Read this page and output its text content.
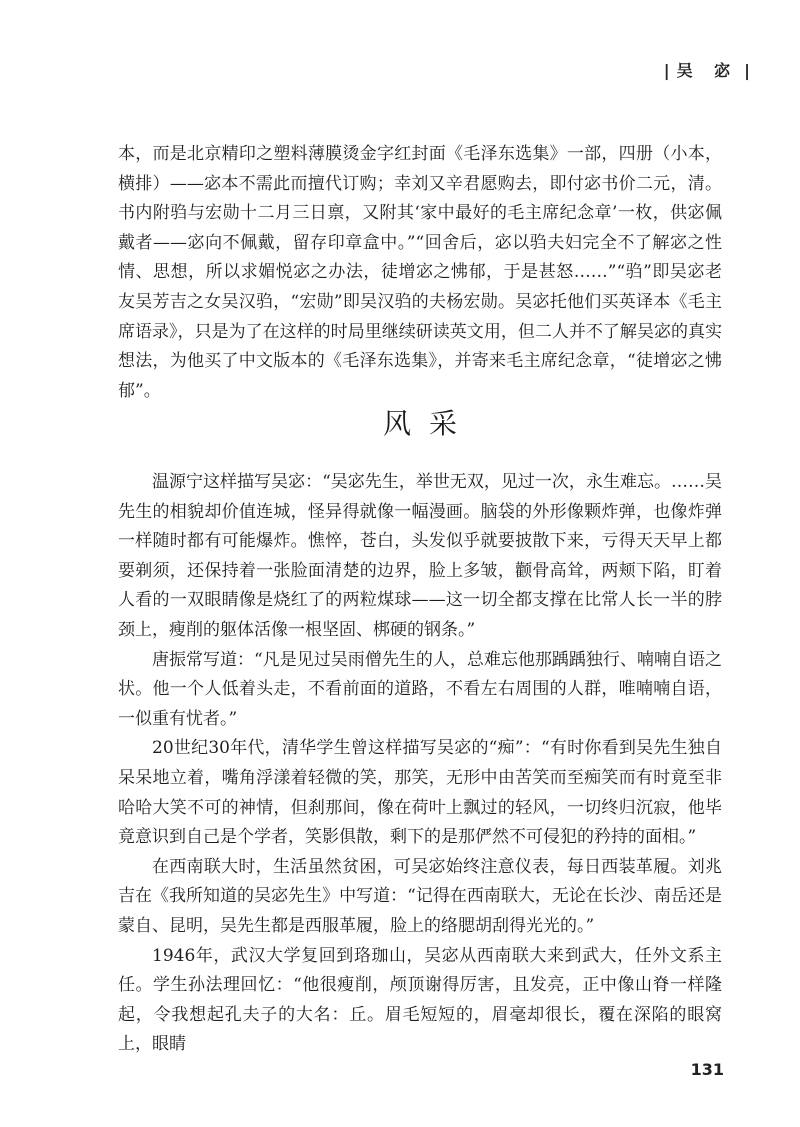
| 吴 宓 |

本，而是北京精印之塑料薄膜烫金字红封面《毛泽东选集》一部，四册（小本，横排）——宓本不需此而擅代订购；幸刘又辛君愿购去，即付宓书价二元，清。书内附驺与宏勋十二月三日禀，又附其‘家中最好的毛主席纪念章’一枚，供宓佩戴者——宓向不佩戴，留存印章盒中。”“回舍后，宓以驺夫妇完全不了解宓之性情、思想，所以求媚悦宓之办法，徒增宓之怫郁，于是甚怒……”“驺”即吴宓老友吴芳吉之女吴汉驺，“宏勋”即吴汉驺的夫杨宏勋。吴宓托他们买英译本《毛主席语录》，只是为了在这样的时局里继续研读英文用，但二人并不了解吴宓的真实想法，为他买了中文版本的《毛泽东选集》，并寄来毛主席纪念章，“徒增宓之怫郁”。

风采

温源宁这样描写吴宓：“吴宓先生，举世无双，见过一次，永生难忘。……吴先生的相貌却价值连城，怪异得就像一幅漫画。脑袋的外形像颗炸弹，也像炸弹一样随时都有可能爆炸。憔悴，苍白，头发似乎就要披散下来，亏得天天早上都要剃须，还保持着一张脸面清楚的边界，脸上多皱，颧骨高耸，两颊下陷，盯着人看的一双眼睛像是烧红了的两粒煤球——这一切全都支撑在比常人长一半的脖颈上，瘦削的躯体活像一根坚固、梆硬的钢条。”

唐振常写道：“凡是见过吴雨僧先生的人，总难忘他那踽踽独行、喃喃自语之状。他一个人低着头走，不看前面的道路，不看左右周围的人群，唯喃喃自语，一似重有忧者。”

20世纪30年代，清华学生曾这样描写吴宓的“痴”：“有时你看到吴先生独自呆呆地立着，嘴角浮漾着轻微的笑，那笑，无形中由苦笑而至痴笑而有时竟至非哈哈大笑不可的神情，但刹那间，像在荷叶上飘过的轻风，一切终归沉寂，他毕竟意识到自己是个学者，笑影俱散，剩下的是那俨然不可侵犯的矜持的面相。”

在西南联大时，生活虽然贫困，可吴宓始终注意仪表，每日西装革履。刘兆吉在《我所知道的吴宓先生》中写道：“记得在西南联大，无论在长沙、南岳还是蒙自、昆明，吴先生都是西服革履，脸上的络腮胡刮得光光的。”

1946年，武汉大学复回到珞珈山，吴宓从西南联大来到武大，任外文系主任。学生孙法理回忆：“他很瘦削，颅顶谢得厉害，且发亮，正中像山脊一样隆起，令我想起孔夫子的大名：丘。眉毛短短的，眉毫却很长，覆在深陷的眼窝上，眼睛

131
